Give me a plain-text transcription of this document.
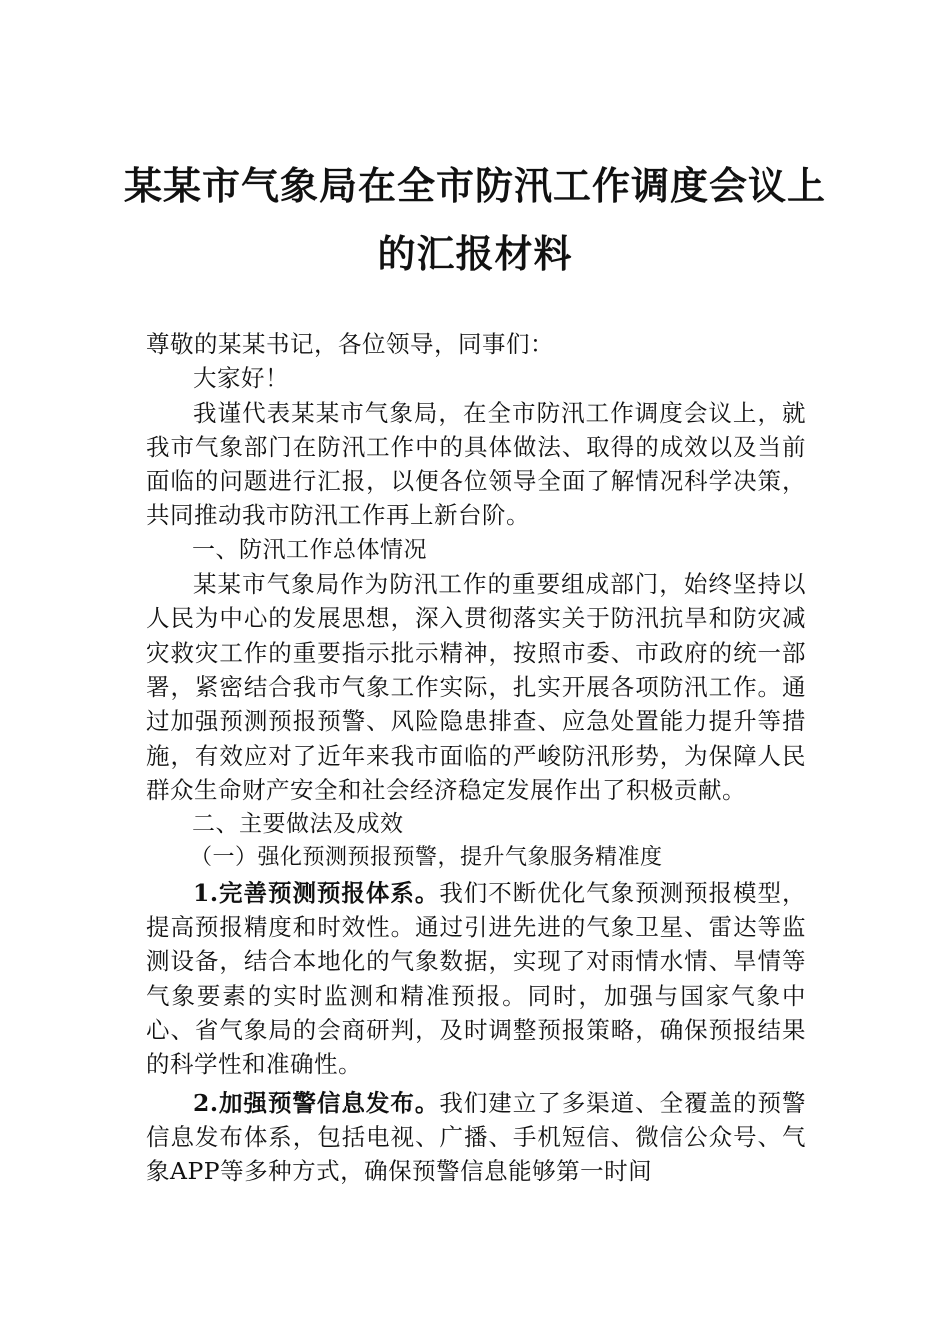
某某市气象局在全市防汛工作调度会议上
的汇报材料

尊敬的某某书记，各位领导，同事们：

大家好！

我谨代表某某市气象局，在全市防汛工作调度会议上，就我市气象部门在防汛工作中的具体做法、取得的成效以及当前面临的问题进行汇报，以便各位领导全面了解情况科学决策，共同推动我市防汛工作再上新台阶。

一、防汛工作总体情况

某某市气象局作为防汛工作的重要组成部门，始终坚持以人民为中心的发展思想，深入贯彻落实关于防汛抗旱和防灾减灾救灾工作的重要指示批示精神，按照市委、市政府的统一部署，紧密结合我市气象工作实际，扎实开展各项防汛工作。通过加强预测预报预警、风险隐患排查、应急处置能力提升等措施，有效应对了近年来我市面临的严峻防汛形势，为保障人民群众生命财产安全和社会经济稳定发展作出了积极贡献。

二、主要做法及成效

（一）强化预测预报预警，提升气象服务精准度

1.完善预测预报体系。我们不断优化气象预测预报模型，提高预报精度和时效性。通过引进先进的气象卫星、雷达等监测设备，结合本地化的气象数据，实现了对雨情水情、旱情等气象要素的实时监测和精准预报。同时，加强与国家气象中心、省气象局的会商研判，及时调整预报策略，确保预报结果的科学性和准确性。

2.加强预警信息发布。我们建立了多渠道、全覆盖的预警信息发布体系，包括电视、广播、手机短信、微信公众号、气象APP等多种方式，确保预警信息能够第一时间
